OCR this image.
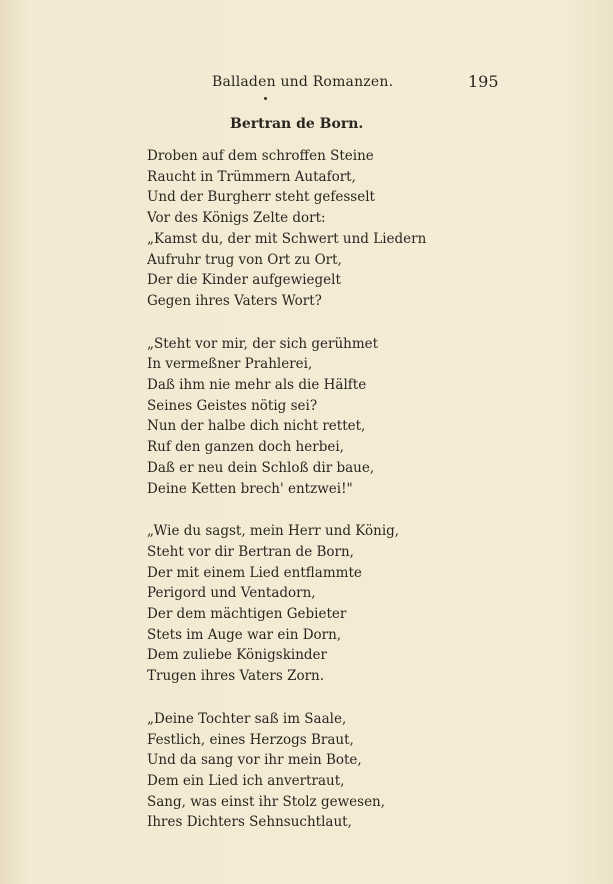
Balladen und Romanzen.	195
Bertran de Born.
Droben auf dem schroffen Steine
Raucht in Trümmern Autafort,
Und der Burgherr steht gefesselt
Vor des Königs Zelte dort:
„Kamst du, der mit Schwert und Liedern
Aufruhr trug von Ort zu Ort,
Der die Kinder aufgewiegelt
Gegen ihres Vaters Wort?
„Steht vor mir, der sich gerühmet
In vermeßner Prahlerei,
Daß ihm nie mehr als die Hälfte
Seines Geistes nötig sei?
Nun der halbe dich nicht rettet,
Ruf den ganzen doch herbei,
Daß er neu dein Schloß dir baue,
Deine Ketten brech' entzwei!"
„Wie du sagst, mein Herr und König,
Steht vor dir Bertran de Born,
Der mit einem Lied entflammte
Perigord und Ventadorn,
Der dem mächtigen Gebieter
Stets im Auge war ein Dorn,
Dem zuliebe Königskinder
Trugen ihres Vaters Zorn.
„Deine Tochter saß im Saale,
Festlich, eines Herzogs Braut,
Und da sang vor ihr mein Bote,
Dem ein Lied ich anvertraut,
Sang, was einst ihr Stolz gewesen,
Ihres Dichters Sehnsuchtlaut,
